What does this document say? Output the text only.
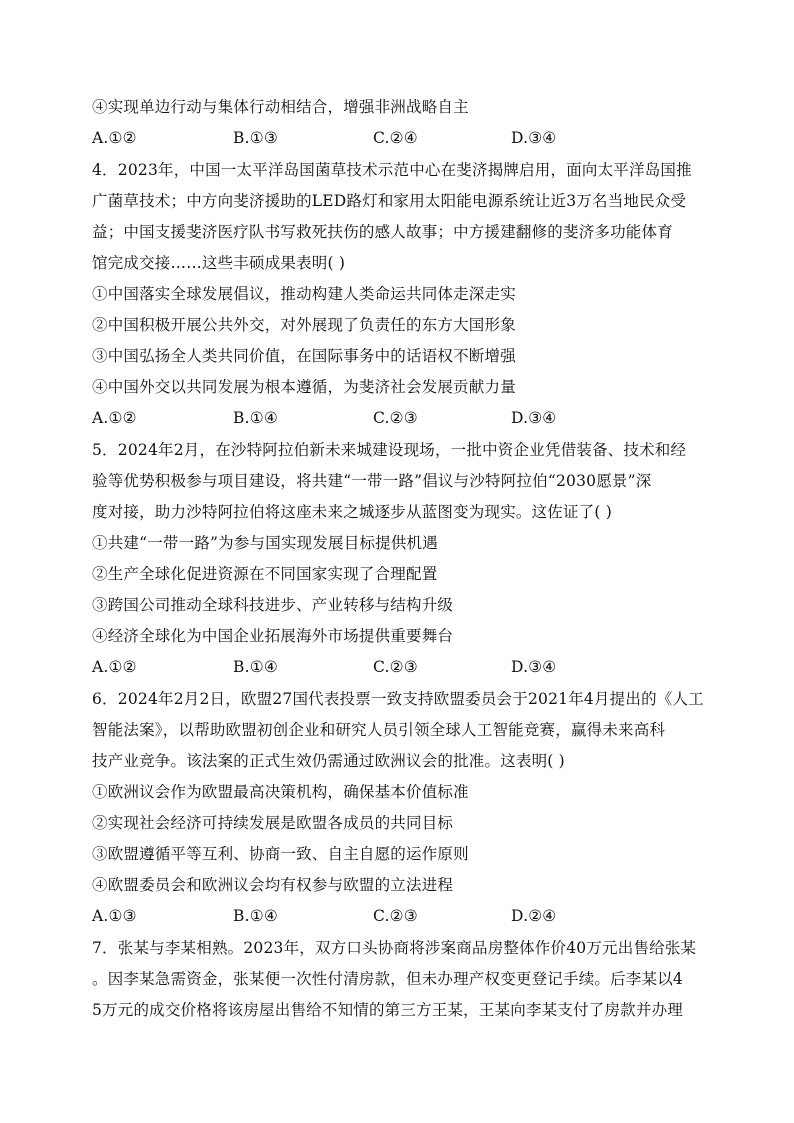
④实现单边行动与集体行动相结合，增强非洲战略自主
A.①②	B.①③	C.②④	D.③④
4．2023年，中国一太平洋岛国菌草技术示范中心在斐济揭牌启用，面向太平洋岛国推
广菌草技术；中方向斐济援助的LED路灯和家用太阳能电源系统让近3万名当地民众受
益；中国支援斐济医疗队书写救死扶伤的感人故事；中方援建翻修的斐济多功能体育
馆完成交接……这些丰硕成果表明( )
①中国落实全球发展倡议，推动构建人类命运共同体走深走实
②中国积极开展公共外交，对外展现了负责任的东方大国形象
③中国弘扬全人类共同价值，在国际事务中的话语权不断增强
④中国外交以共同发展为根本遵循，为斐济社会发展贡献力量
A.①②	B.①④	C.②③	D.③④
5．2024年2月，在沙特阿拉伯新未来城建设现场，一批中资企业凭借装备、技术和经
验等优势积极参与项目建设，将共建“一带一路”倡议与沙特阿拉伯“2030愿景”深
度对接，助力沙特阿拉伯将这座未来之城逐步从蓝图变为现实。这佐证了( )
①共建“一带一路”为参与国实现发展目标提供机遇
②生产全球化促进资源在不同国家实现了合理配置
③跨国公司推动全球科技进步、产业转移与结构升级
④经济全球化为中国企业拓展海外市场提供重要舞台
A.①②	B.①④	C.②③	D.③④
6．2024年2月2日，欧盟27国代表投票一致支持欧盟委员会于2021年4月提出的《人工
智能法案》，以帮助欧盟初创企业和研究人员引领全球人工智能竞赛，赢得未来高科
技产业竞争。该法案的正式生效仍需通过欧洲议会的批准。这表明( )
①欧洲议会作为欧盟最高决策机构，确保基本价值标准
②实现社会经济可持续发展是欧盟各成员的共同目标
③欧盟遵循平等互利、协商一致、自主自愿的运作原则
④欧盟委员会和欧洲议会均有权参与欧盟的立法进程
A.①③	B.①④	C.②③	D.②④
7．张某与李某相熟。2023年，双方口头协商将涉案商品房整体作价40万元出售给张某
。因李某急需资金，张某便一次性付清房款，但未办理产权变更登记手续。后李某以4
5万元的成交价格将该房屋出售给不知情的第三方王某，王某向李某支付了房款并办理
